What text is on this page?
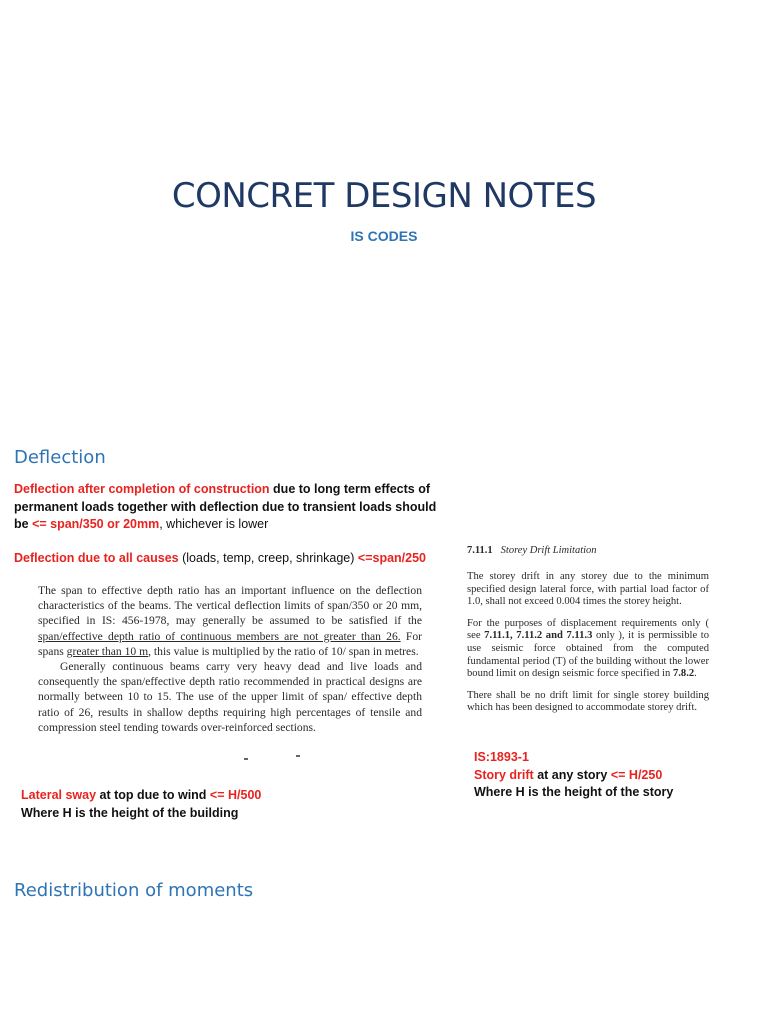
CONCRET DESIGN NOTES
IS CODES
Deflection
Deflection after completion of construction due to long term effects of permanent loads together with deflection due to transient loads should be <= span/350 or 20mm, whichever is lower
Deflection due to all causes (loads, temp, creep, shrinkage) <=span/250

The span to effective depth ratio has an important influence on the deflection characteristics of the beams. The vertical deflection limits of span/350 or 20 mm, specified in IS: 456-1978, may generally be assumed to be satisfied if the span/effective depth ratio of continuous members are not greater than 26. For spans greater than 10 m, this value is multiplied by the ratio of 10/ span in metres.

Generally continuous beams carry very heavy dead and live loads and consequently the span/effective depth ratio recommended in practical designs are normally between 10 to 15. The use of the upper limit of span/ effective depth ratio of 26, results in shallow depths requiring high percentages of tensile and compression steel tending towards over-reinforced sections.

7.11.1 Storey Drift Limitation

The storey drift in any storey due to the minimum specified design lateral force, with partial load factor of 1.0, shall not exceed 0.004 times the storey height.

For the purposes of displacement requirements only ( see 7.11.1, 7.11.2 and 7.11.3 only ), it is permissible to use seismic force obtained from the computed fundamental period (T) of the building without the lower bound limit on design seismic force specified in 7.8.2.

There shall be no drift limit for single storey building which has been designed to accommodate storey drift.

Lateral sway at top due to wind <= H/500
Where H is the height of the building
IS:1893-1
Story drift at any story <= H/250
Where H is the height of the story
Redistribution of moments
